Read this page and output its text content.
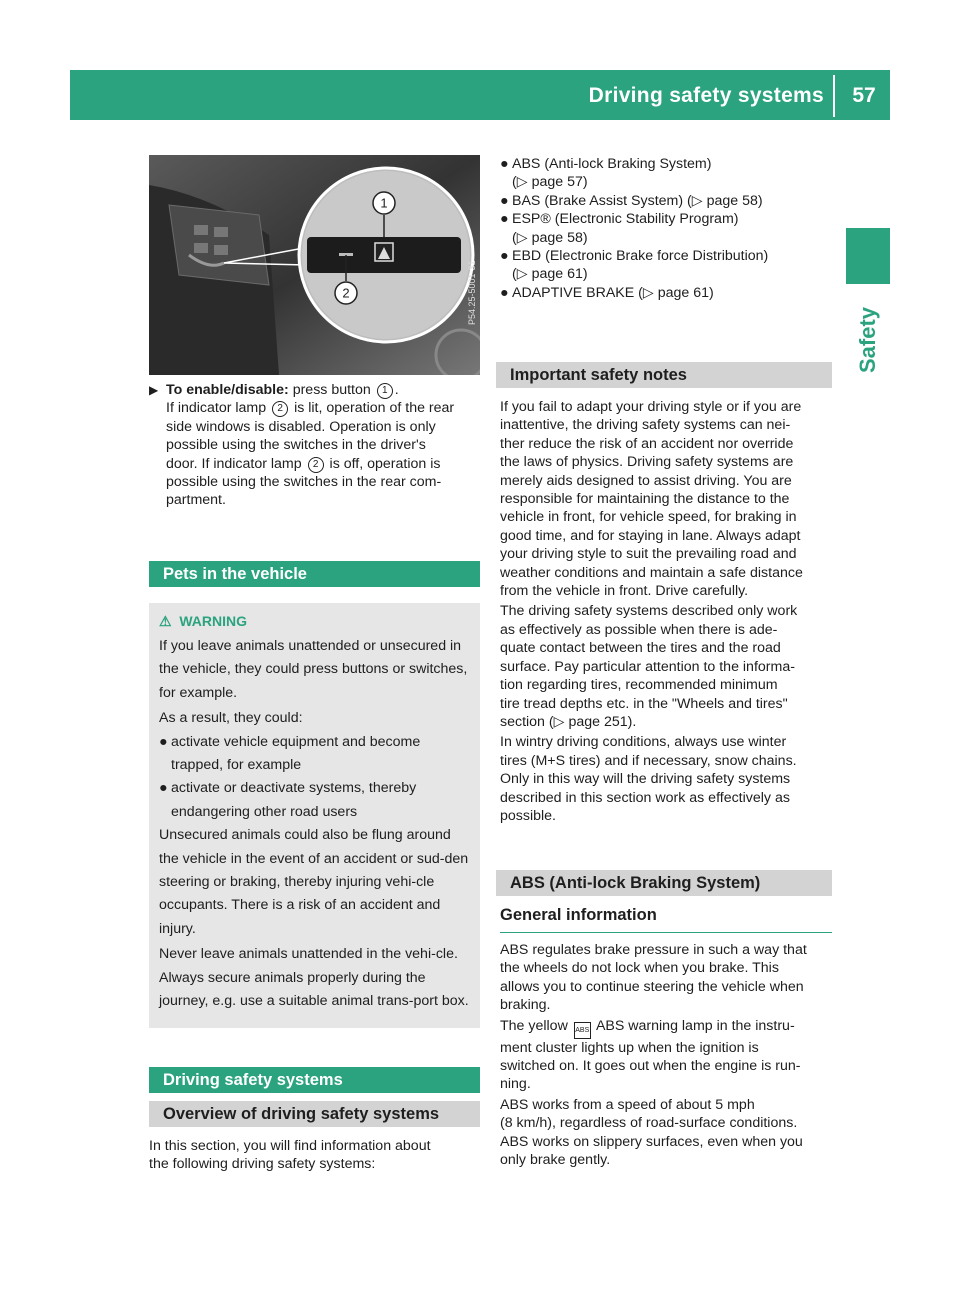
Driving safety systems	57
Safety
1
2	P54.25-5001-31

▶ To enable/disable: press button 1 .
If indicator lamp 2 is lit, operation of the rear
side windows is disabled. Operation is only
possible using the switches in the driver's
door. If indicator lamp 2 is off, operation is
possible using the switches in the rear com-
partment.

Pets in the vehicle

⚠ WARNING

If you leave animals unattended or unsecured in the vehicle, they could press buttons or switches, for example.

As a result, they could:

● activate vehicle equipment and become trapped, for example

● activate or deactivate systems, thereby endangering other road users

Unsecured animals could also be flung around the vehicle in the event of an accident or sud-den steering or braking, thereby injuring vehi-cle occupants. There is a risk of an accident and injury.

Never leave animals unattended in the vehi-cle. Always secure animals properly during the journey, e.g. use a suitable animal trans-port box.

Driving safety systems
Overview of driving safety systems

In this section, you will find information about
the following driving safety systems:

● ABS (Anti-lock Braking System)
(▷ page 57)

● BAS (Brake Assist System) (▷ page 58)

● ESP® (Electronic Stability Program)
(▷ page 58)

● EBD (Electronic Brake force Distribution)
(▷ page 61)

● ADAPTIVE BRAKE (▷ page 61)

Important safety notes

If you fail to adapt your driving style or if you are
inattentive, the driving safety systems can nei-
ther reduce the risk of an accident nor override
the laws of physics. Driving safety systems are
merely aids designed to assist driving. You are
responsible for maintaining the distance to the
vehicle in front, for vehicle speed, for braking in
good time, and for staying in lane. Always adapt
your driving style to suit the prevailing road and
weather conditions and maintain a safe distance
from the vehicle in front. Drive carefully.

The driving safety systems described only work
as effectively as possible when there is ade-
quate contact between the tires and the road
surface. Pay particular attention to the informa-
tion regarding tires, recommended minimum
tire tread depths etc. in the "Wheels and tires"
section (▷ page 251).

In wintry driving conditions, always use winter
tires (M+S tires) and if necessary, snow chains.
Only in this way will the driving safety systems
described in this section work as effectively as
possible.

ABS (Anti-lock Braking System)
General information

ABS regulates brake pressure in such a way that
the wheels do not lock when you brake. This
allows you to continue steering the vehicle when
braking.

The yellow ABS ABS warning lamp in the instru-
ment cluster lights up when the ignition is
switched on. It goes out when the engine is run-
ning.

ABS works from a speed of about 5 mph
(8 km/h), regardless of road-surface conditions.
ABS works on slippery surfaces, even when you
only brake gently.
